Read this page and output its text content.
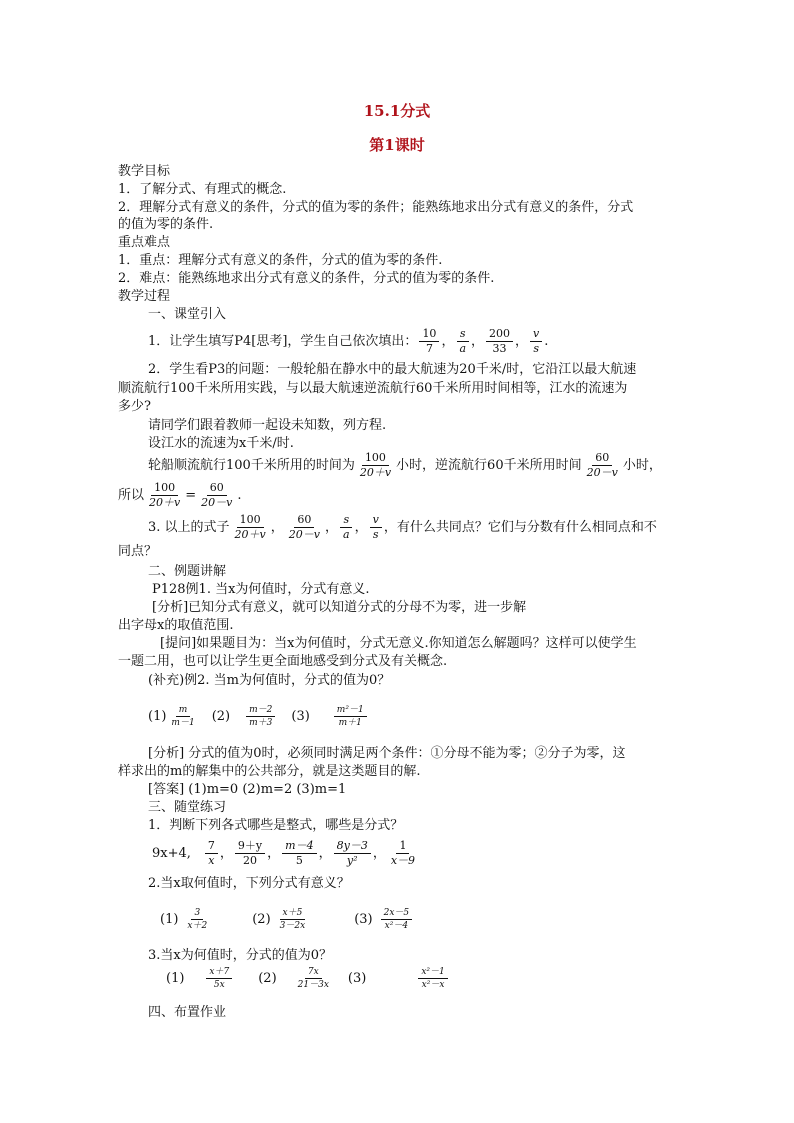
15.1分式
第1课时
教学目标
1．了解分式、有理式的概念.
2．理解分式有意义的条件，分式的值为零的条件；能熟练地求出分式有意义的条件，分式
的值为零的条件.
重点难点
1．重点：理解分式有意义的条件，分式的值为零的条件.
2．难点：能熟练地求出分式有意义的条件，分式的值为零的条件.
教学过程
一、课堂引入
1．让学生填写P4[思考]，学生自己依次填出： $\frac{10}{7}$ ， $\frac{s}{a}$ ， $\frac{200}{33}$ ， $\frac{v}{s}$ .
2．学生看P3的问题：一般轮船在静水中的最大航速为20千米/时，它沿江以最大航速
顺流航行100千米所用实践，与以最大航速逆流航行60千米所用时间相等，江水的流速为
多少?
请同学们跟着教师一起设未知数，列方程.
设江水的流速为x千米/时.
轮船顺流航行100千米所用的时间为 $\frac{100}{20+v}$ 小时，逆流航行60千米所用时间 $\frac{60}{20-v}$ 小时，
所以 $\frac{100}{20+v} = \frac{60}{20-v}$ .
3. 以上的式子 $\frac{100}{20+v}$ ， $\frac{60}{20-v}$ ， $\frac{s}{a}$ ， $\frac{v}{s}$ ，有什么共同点？它们与分数有什么相同点和不
同点？
二、例题讲解
P128例1. 当x为何值时，分式有意义.
[分析]已知分式有意义，就可以知道分式的分母不为零，进一步解
出字母x的取值范围.
[提问]如果题目为：当x为何值时，分式无意义.你知道怎么解题吗？这样可以使学生
一题二用，也可以让学生更全面地感受到分式及有关概念.
(补充)例2. 当m为何值时，分式的值为0？
$(1) \frac{m}{m-1} (2) \frac{m-2}{m+3} (3)$	$\frac{\text{m²－1}}{m+1}$
[分析] 分式的值为0时，必须同时满足两个条件：①分母不能为零；②分子为零，这
样求出的m的解集中的公共部分，就是这类题目的解.
[答案] (1)m=0 (2)m=2 (3)m=1
三、随堂练习
1．判断下列各式哪些是整式，哪些是分式？
9x+4, $\frac{7}{x}$ ， $\frac{9+y}{20}$ ， $\frac{m-4}{5}$ ， $\frac{8y-3}{\text{y²}}$ ， $\frac{1}{x-9}$
2.当x取何值时，下列分式有意义？
$(1) \frac{3}{x+2}$	$(2) \frac{x+5}{3-2x}$	$(3) \frac{2x-5}{\text{x²－4}}$
3.当x为何值时，分式的值为0？
$(1) \frac{x+7}{5x} (2) \frac{7x}{21-3x} (3)$	$\frac{\text{x²－1}}{\text{x²－x}}$
四、布置作业
